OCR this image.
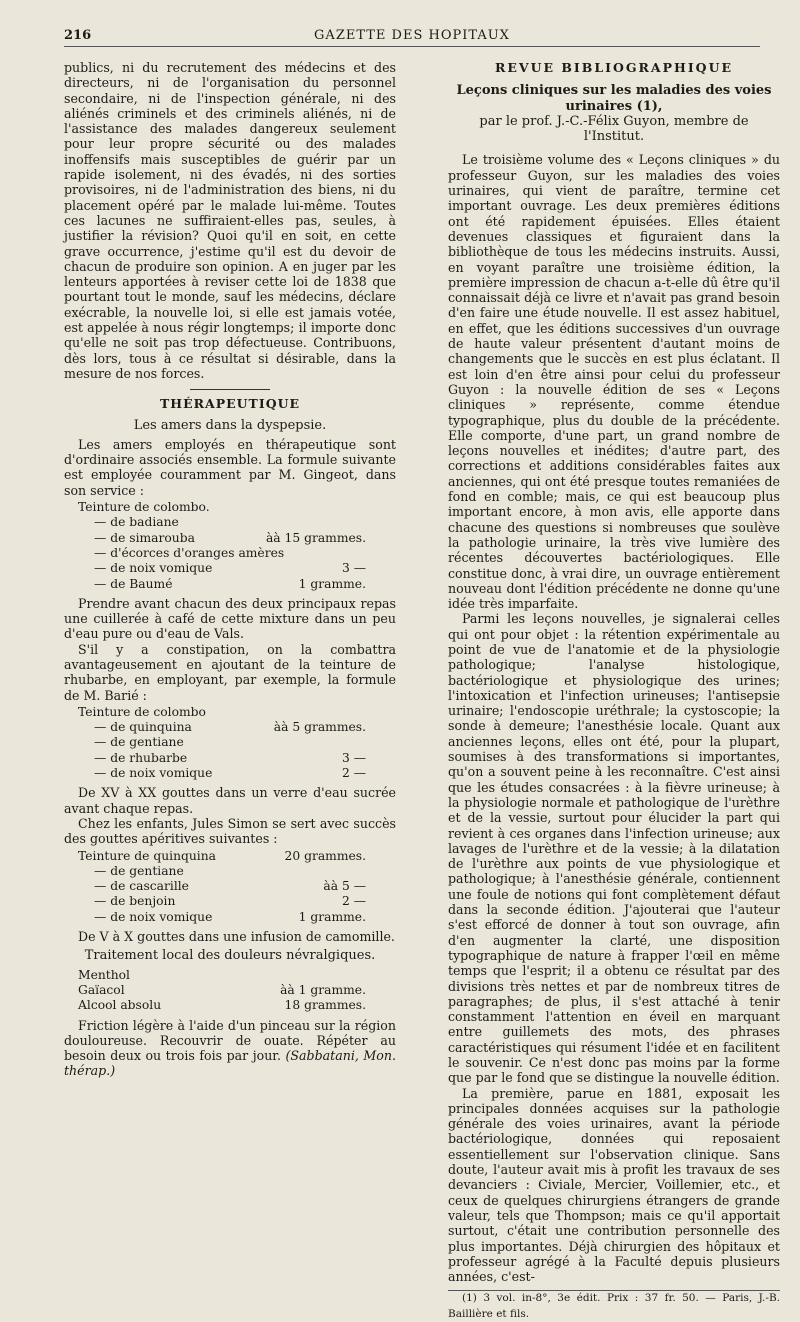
216	GAZETTE DES HOPITAUX

publics, ni du recrutement des médecins et des directeurs, ni de l'organisation du personnel secondaire, ni de l'inspection générale, ni des aliénés criminels et des criminels aliénés, ni de l'assistance des malades dangereux seulement pour leur propre sécurité ou des malades inoffensifs mais susceptibles de guérir par un rapide isolement, ni des évadés, ni des sorties provisoires, ni de l'administration des biens, ni du placement opéré par le malade lui-même. Toutes ces lacunes ne suffiraient-elles pas, seules, à justifier la révision? Quoi qu'il en soit, en cette grave occurrence, j'estime qu'il est du devoir de chacun de produire son opinion. A en juger par les lenteurs apportées à reviser cette loi de 1838 que pourtant tout le monde, sauf les médecins, déclare exécrable, la nouvelle loi, si elle est jamais votée, est appelée à nous régir longtemps; il importe donc qu'elle ne soit pas trop défectueuse. Contribuons, dès lors, tous à ce résultat si désirable, dans la mesure de nos forces.

THÉRAPEUTIQUE
Les amers dans la dyspepsie.

Les amers employés en thérapeutique sont d'ordinaire associés ensemble. La formule suivante est employée couramment par M. Gingeot, dans son service :

Teinture de colombo.
— de badiane
— de simarouba	àà 15 grammes.
— d'écorces d'oranges amères
— de noix vomique	3 —
— de Baumé	1 gramme.

Prendre avant chacun des deux principaux repas une cuillerée à café de cette mixture dans un peu d'eau pure ou d'eau de Vals.

S'il y a constipation, on la combattra avantageusement en ajoutant de la teinture de rhubarbe, en employant, par exemple, la formule de M. Barié :

Teinture de colombo
— de quinquina	àà 5 grammes.
— de gentiane
— de rhubarbe	3 —
— de noix vomique	2 —

De XV à XX gouttes dans un verre d'eau sucrée avant chaque repas.

Chez les enfants, Jules Simon se sert avec succès des gouttes apéritives suivantes :

Teinture de quinquina	20 grammes.
— de gentiane
— de cascarille	àà 5 —
— de benjoin	2 —
— de noix vomique	1 gramme.

De V à X gouttes dans une infusion de camomille.

Traitement local des douleurs névralgiques.
Menthol
Gaïacol	àà 1 gramme.
Alcool absolu	18 grammes.

Friction légère à l'aide d'un pinceau sur la région douloureuse. Recouvrir de ouate. Répéter au besoin deux ou trois fois par jour. (Sabbatani, Mon. thérap.)

REVUE BIBLIOGRAPHIQUE
Leçons cliniques sur les maladies des voies urinaires (1),
par le prof. J.-C.-Félix Guyon, membre de l'Institut.

Le troisième volume des « Leçons cliniques » du professeur Guyon, sur les maladies des voies urinaires, qui vient de paraître, termine cet important ouvrage. Les deux premières éditions ont été rapidement épuisées. Elles étaient devenues classiques et figuraient dans la bibliothèque de tous les médecins instruits. Aussi, en voyant paraître une troisième édition, la première impression de chacun a-t-elle dû être qu'il connaissait déjà ce livre et n'avait pas grand besoin d'en faire une étude nouvelle. Il est assez habituel, en effet, que les éditions successives d'un ouvrage de haute valeur présentent d'autant moins de changements que le succès en est plus éclatant. Il est loin d'en être ainsi pour celui du professeur Guyon : la nouvelle édition de ses « Leçons cliniques » représente, comme étendue typographique, plus du double de la précédente. Elle comporte, d'une part, un grand nombre de leçons nouvelles et inédites; d'autre part, des corrections et additions considérables faites aux anciennes, qui ont été presque toutes remaniées de fond en comble; mais, ce qui est beaucoup plus important encore, à mon avis, elle apporte dans chacune des questions si nombreuses que soulève la pathologie urinaire, la très vive lumière des récentes découvertes bactériologiques. Elle constitue donc, à vrai dire, un ouvrage entièrement nouveau dont l'édition précédente ne donne qu'une idée très imparfaite.

Parmi les leçons nouvelles, je signalerai celles qui ont pour objet : la rétention expérimentale au point de vue de l'anatomie et de la physiologie pathologique; l'analyse histologique, bactériologique et physiologique des urines; l'intoxication et l'infection urineuses; l'antisepsie urinaire; l'endoscopie uréthrale; la cystoscopie; la sonde à demeure; l'anesthésie locale. Quant aux anciennes leçons, elles ont été, pour la plupart, soumises à des transformations si importantes, qu'on a souvent peine à les reconnaître. C'est ainsi que les études consacrées : à la fièvre urineuse; à la physiologie normale et pathologique de l'urèthre et de la vessie, surtout pour élucider la part qui revient à ces organes dans l'infection urineuse; aux lavages de l'urèthre et de la vessie; à la dilatation de l'urèthre aux points de vue physiologique et pathologique; à l'anesthésie générale, contiennent une foule de notions qui font complètement défaut dans la seconde édition. J'ajouterai que l'auteur s'est efforcé de donner à tout son ouvrage, afin d'en augmenter la clarté, une disposition typographique de nature à frapper l'œil en même temps que l'esprit; il a obtenu ce résultat par des divisions très nettes et par de nombreux titres de paragraphes; de plus, il s'est attaché à tenir constamment l'attention en éveil en marquant entre guillemets des mots, des phrases caractéristiques qui résument l'idée et en facilitent le souvenir. Ce n'est donc pas moins par la forme que par le fond que se distingue la nouvelle édition.

La première, parue en 1881, exposait les principales données acquises sur la pathologie générale des voies urinaires, avant la période bactériologique, données qui reposaient essentiellement sur l'observation clinique. Sans doute, l'auteur avait mis à profit les travaux de ses devanciers : Civiale, Mercier, Voillemier, etc., et ceux de quelques chirurgiens étrangers de grande valeur, tels que Thompson; mais ce qu'il apportait surtout, c'était une contribution personnelle des plus importantes. Déjà chirurgien des hôpitaux et professeur agrégé à la Faculté depuis plusieurs années, c'est-

(1) 3 vol. in-8°, 3e édit. Prix : 37 fr. 50. — Paris, J.-B. Baillière et fils.
